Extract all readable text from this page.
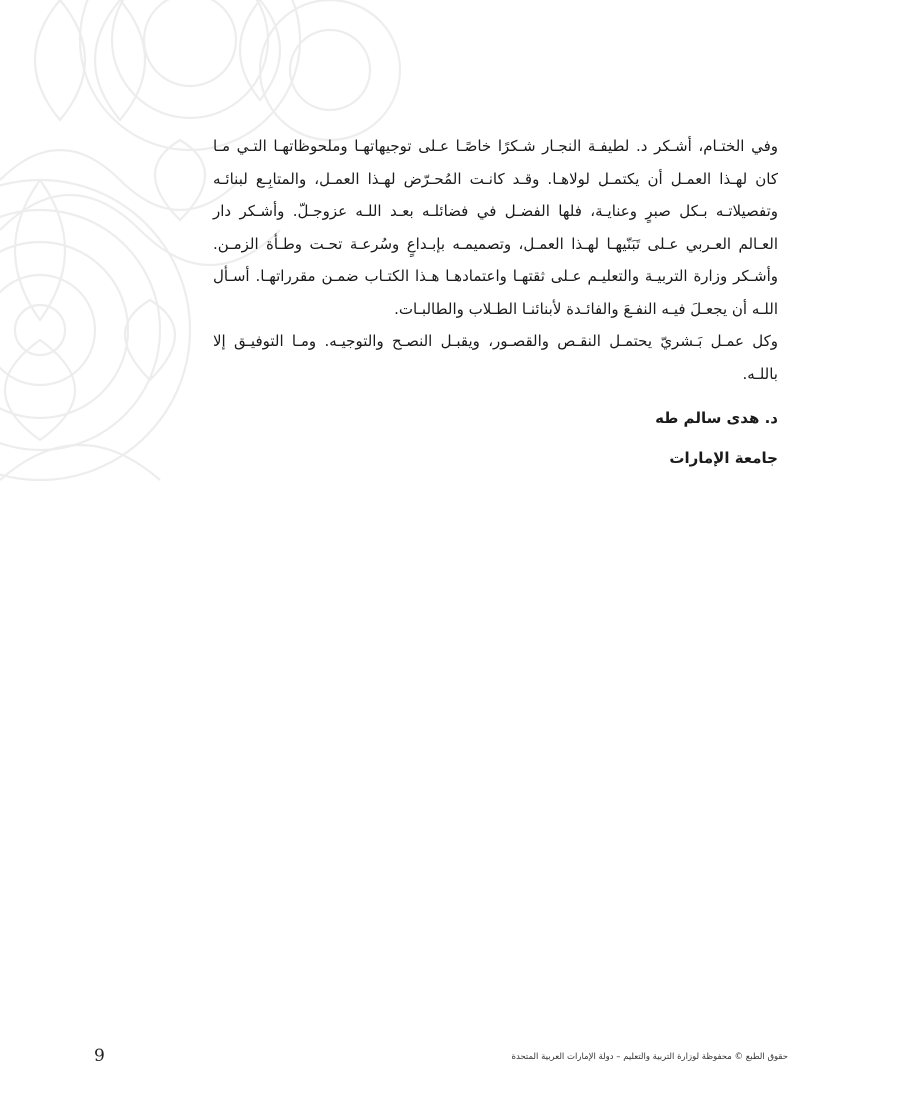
وفي الختـام، أشـكر د. لطيفـة النجـار شـكرًا خاصًـا عـلى توجيهاتهـا وملحوظاتهـا التـي مـا كان لهـذا العمـل أن يكتمـل لولاهـا. وقـد كانـت المُحـرّض لهـذا العمـل، والمتابِـع لبنائـه وتفصيلاتـه بـكل صبرٍ وعنايـة، فلها الفضـل في فضائلـه بعـد اللـه عزوجـلّ. وأشـكر دار العـالم العـربي عـلى تَبَنّيهـا لهـذا العمـل، وتصميمـه بإبـداعٍ وسُرعـة تحـت وطـأة الزمـن. وأشـكر وزارة التربيـة والتعليـم عـلى ثقتهـا واعتمادهـا هـذا الكتـاب ضمـن مقرراتهـا. أسـأل اللـه أن يجعـلَ فيـه النفـعَ والفائـدة لأبنائنـا الطـلاب والطالبـات.

وكل عمـل بَـشريّ يحتمـل النقـص والقصـور، ويقبـل النصـح والتوجيـه. ومـا التوفيـق إلا باللـه.

د. هدى سالم طه

جامعة الإمارات

حقوق الطبع © محفوظة لوزارة التربية والتعليم – دولة الإمارات العربية المتحدة
9
